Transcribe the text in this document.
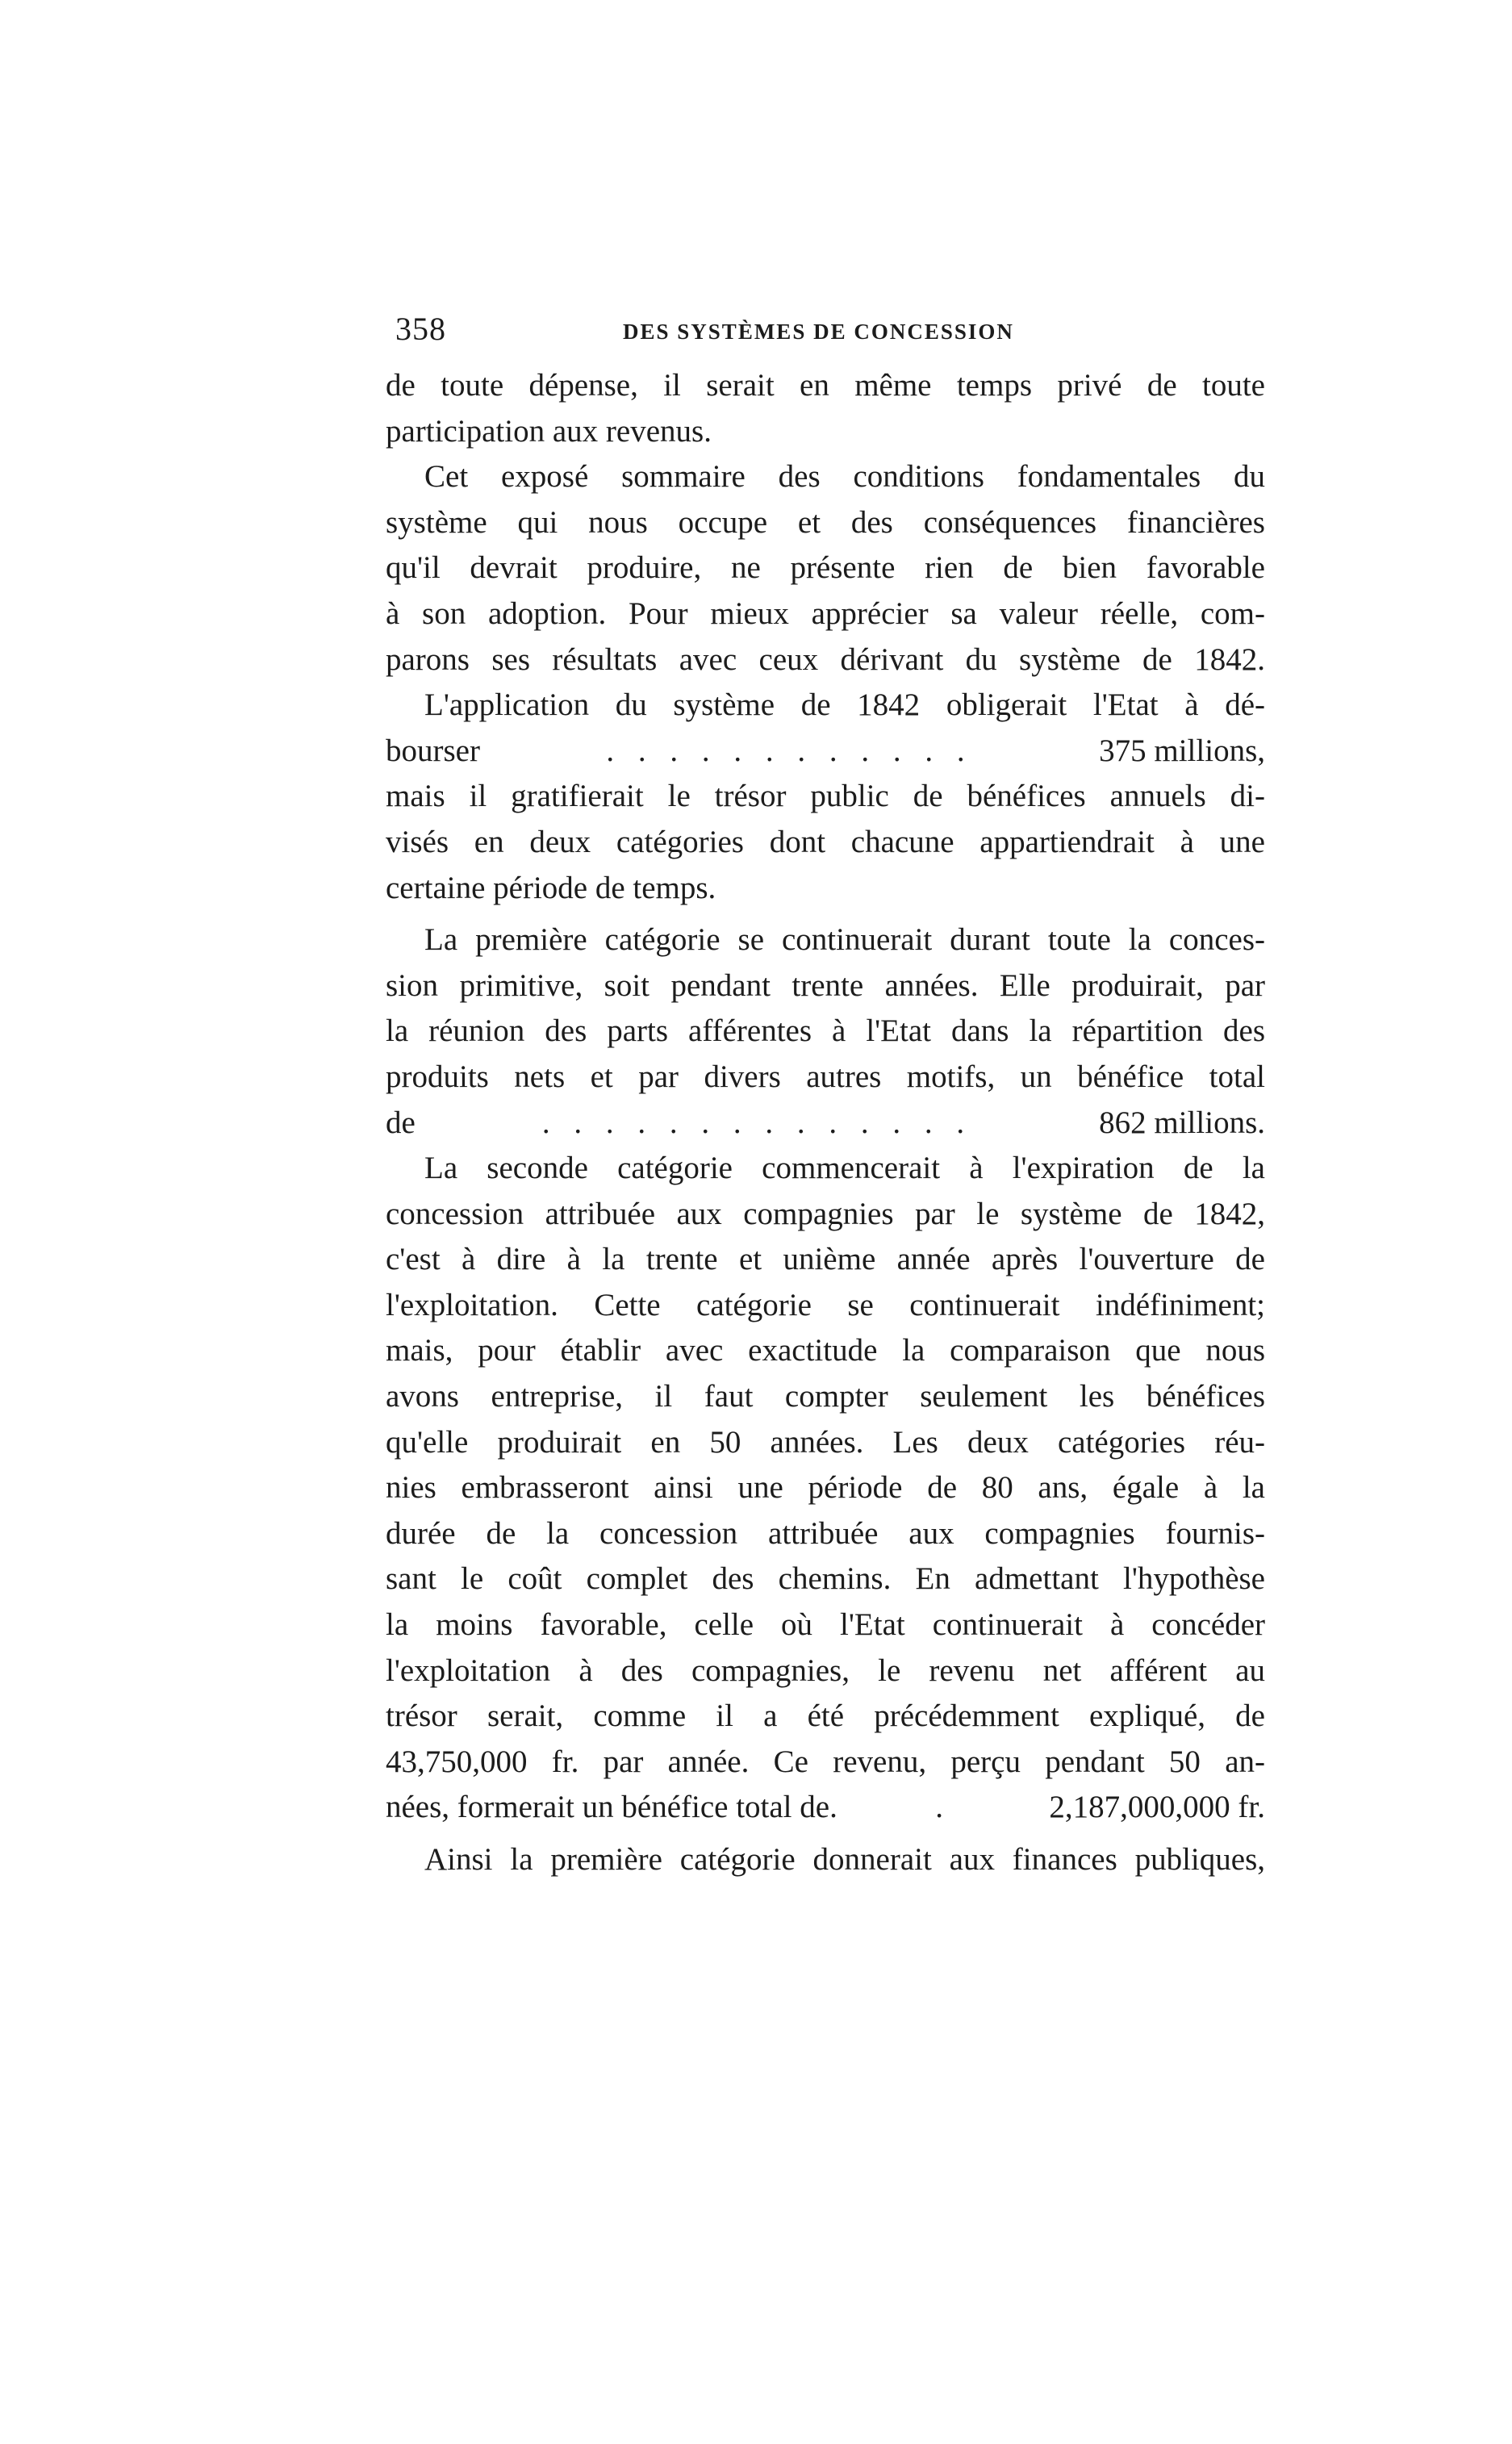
358	DES SYSTÈMES DE CONCESSION
de toute dépense, il serait en même temps privé de toute
participation aux revenus.
Cet exposé sommaire des conditions fondamentales du
système qui nous occupe et des conséquences financières
qu'il devrait produire, ne présente rien de bien favorable
à son adoption. Pour mieux apprécier sa valeur réelle, com-
parons ses résultats avec ceux dérivant du système de 1842.
L'application du système de 1842 obligerait l'Etat à dé-
bourser	. . . . . . . . . . . .	375 millions,
mais il gratifierait le trésor public de bénéfices annuels di-
visés en deux catégories dont chacune appartiendrait à une
certaine période de temps.
La première catégorie se continuerait durant toute la conces-
sion primitive, soit pendant trente années. Elle produirait, par
la réunion des parts afférentes à l'Etat dans la répartition des
produits nets et par divers autres motifs, un bénéfice total
de	. . . . . . . . . . . . . .	862 millions.
La seconde catégorie commencerait à l'expiration de la
concession attribuée aux compagnies par le système de 1842,
c'est à dire à la trente et unième année après l'ouverture de
l'exploitation. Cette catégorie se continuerait indéfiniment;
mais, pour établir avec exactitude la comparaison que nous
avons entreprise, il faut compter seulement les bénéfices
qu'elle produirait en 50 années. Les deux catégories réu-
nies embrasseront ainsi une période de 80 ans, égale à la
durée de la concession attribuée aux compagnies fournis-
sant le coût complet des chemins. En admettant l'hypothèse
la moins favorable, celle où l'Etat continuerait à concéder
l'exploitation à des compagnies, le revenu net afférent au
trésor serait, comme il a été précédemment expliqué, de
43,750,000 fr. par année. Ce revenu, perçu pendant 50 an-
nées, formerait un bénéfice total de.	.	2,187,000,000 fr.
Ainsi la première catégorie donnerait aux finances publiques,
